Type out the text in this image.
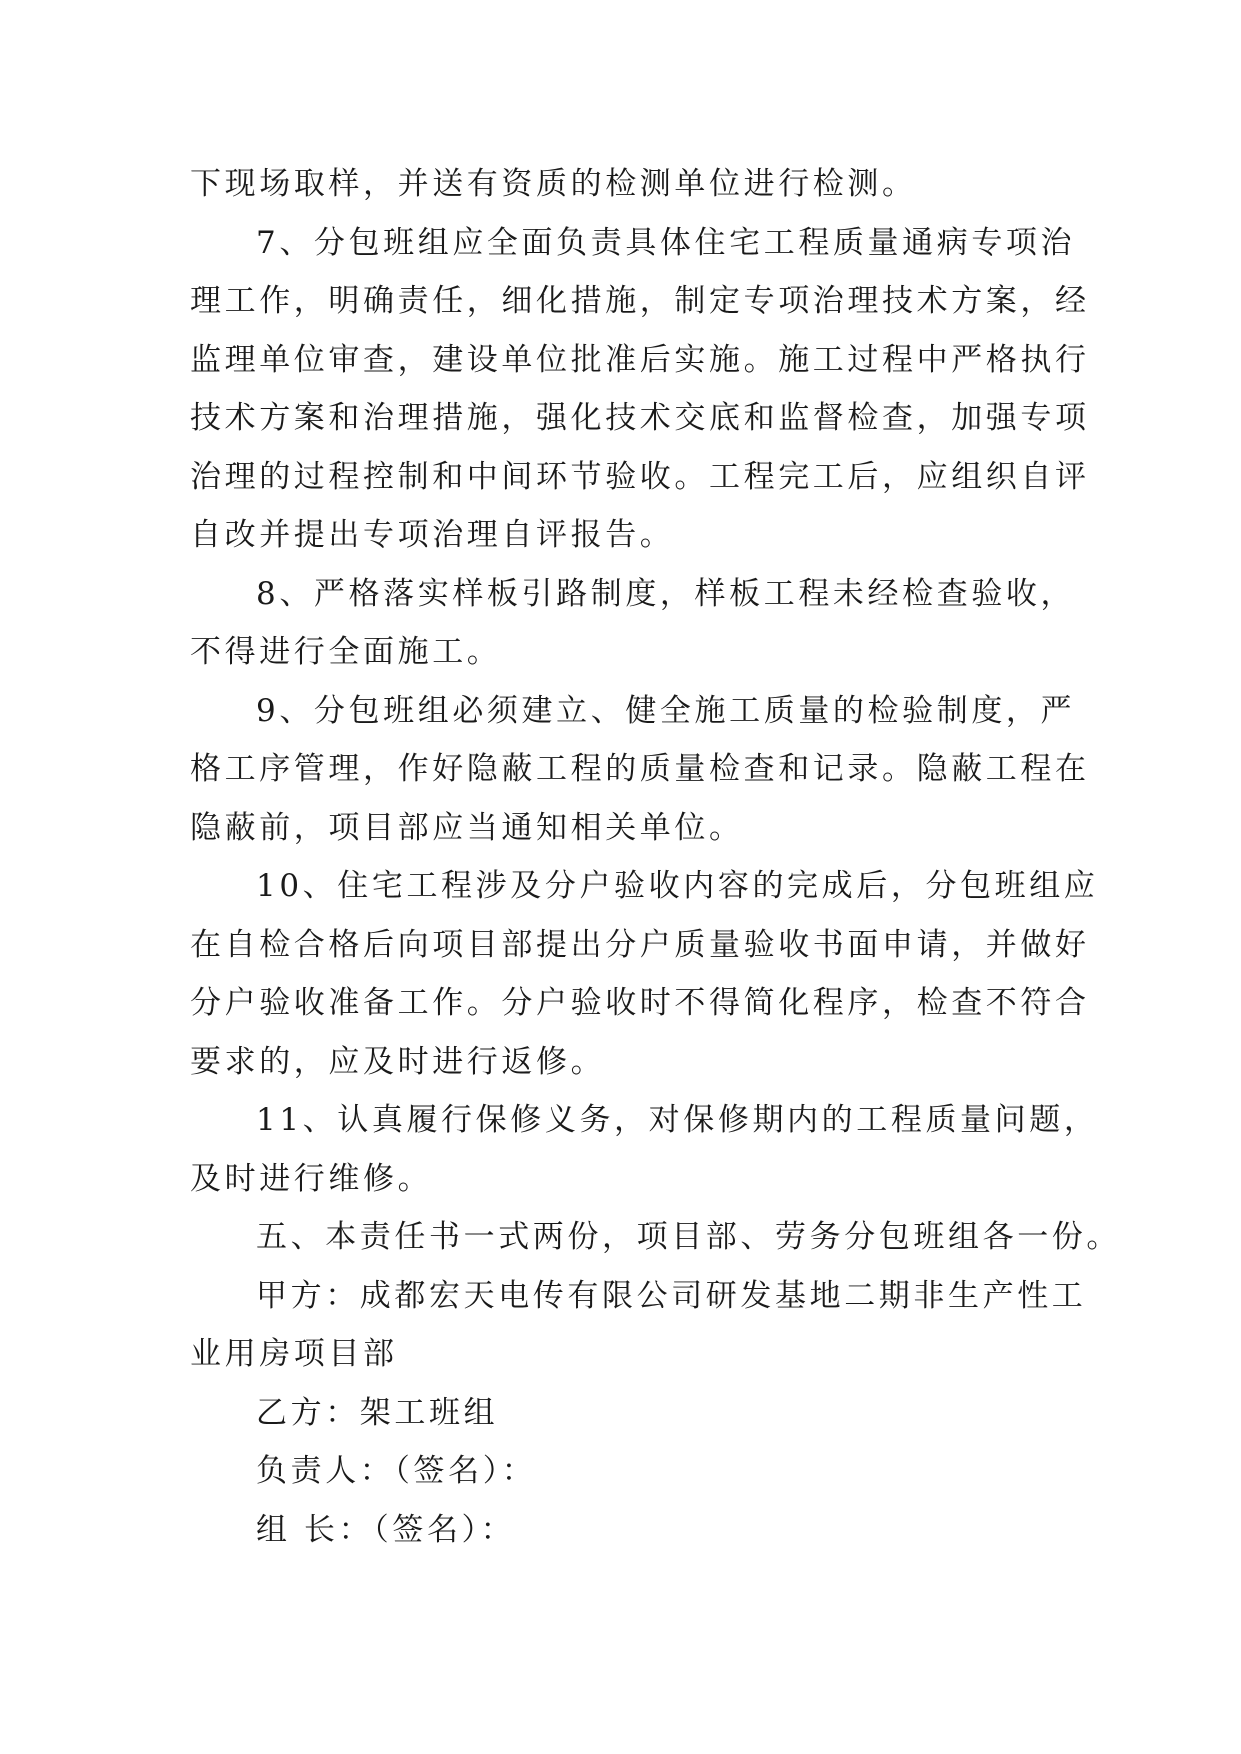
下现场取样，并送有资质的检测单位进行检测。
7、分包班组应全面负责具体住宅工程质量通病专项治
理工作，明确责任，细化措施，制定专项治理技术方案，经
监理单位审查，建设单位批准后实施。施工过程中严格执行
技术方案和治理措施，强化技术交底和监督检查，加强专项
治理的过程控制和中间环节验收。工程完工后，应组织自评
自改并提出专项治理自评报告。
8、严格落实样板引路制度，样板工程未经检查验收，
不得进行全面施工。
9、分包班组必须建立、健全施工质量的检验制度，严
格工序管理，作好隐蔽工程的质量检查和记录。隐蔽工程在
隐蔽前，项目部应当通知相关单位。
10、住宅工程涉及分户验收内容的完成后，分包班组应
在自检合格后向项目部提出分户质量验收书面申请，并做好
分户验收准备工作。分户验收时不得简化程序，检查不符合
要求的，应及时进行返修。
11、认真履行保修义务，对保修期内的工程质量问题，
及时进行维修。
五、本责任书一式两份，项目部、劳务分包班组各一份。
甲方：成都宏天电传有限公司研发基地二期非生产性工
业用房项目部
乙方：架工班组
负责人：（签名）：
组 长：（签名）：
